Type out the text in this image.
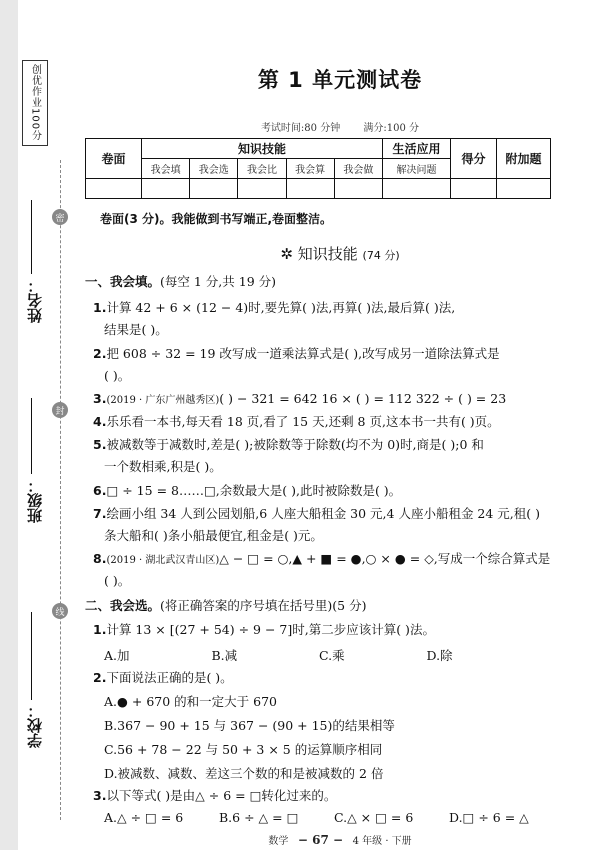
创优作业100分
密
封
线
姓名：
班级：
学校：
第 1 单元测试卷
考试时间:80 分钟 满分:100 分
卷面	知识技能					生活应用	得分	附加题
	我会填	我会选	我会比	我会算	我会做	解决问题		

卷面(3 分)。我能做到书写端正,卷面整洁。
✲ 知识技能 (74 分)
一、我会填。(每空 1 分,共 19 分)
1.计算 42 + 6 × (12 − 4)时,要先算( )法,再算( )法,最后算( )法,
结果是( )。
2.把 608 ÷ 32 = 19 改写成一道乘法算式是( ),改写成另一道除法算式是
( )。
3.(2019 · 广东广州越秀区)( ) − 321 = 642 16 × ( ) = 112 322 ÷ ( ) = 23
4.乐乐看一本书,每天看 18 页,看了 15 天,还剩 8 页,这本书一共有( )页。
5.被减数等于减数时,差是( );被除数等于除数(均不为 0)时,商是( );0 和
一个数相乘,积是( )。
6.□ ÷ 15 = 8……□,余数最大是( ),此时被除数是( )。
7.绘画小组 34 人到公园划船,6 人座大船租金 30 元,4 人座小船租金 24 元,租( )
条大船和( )条小船最便宜,租金是( )元。
8.(2019 · 湖北武汉青山区)△ − □ = ○,▲ + ■ = ●,○ × ● = ◇,写成一个综合算式是
( )。
二、我会选。(将正确答案的序号填在括号里)(5 分)
1.计算 13 × [(27 + 54) ÷ 9 − 7]时,第二步应该计算( )法。
A.加	B.减	C.乘	D.除
2.下面说法正确的是( )。
A.● + 670 的和一定大于 670
B.367 − 90 + 15 与 367 − (90 + 15)的结果相等
C.56 + 78 − 22 与 50 + 3 × 5 的运算顺序相同
D.被减数、减数、差这三个数的和是被减数的 2 倍
3.以下等式( )是由△ ÷ 6 = □转化过来的。
A.△ ÷ □ = 6	B.6 ÷ △ = □	C.△ × □ = 6	D.□ ÷ 6 = △
数学 − 67 − 4 年级 · 下册
